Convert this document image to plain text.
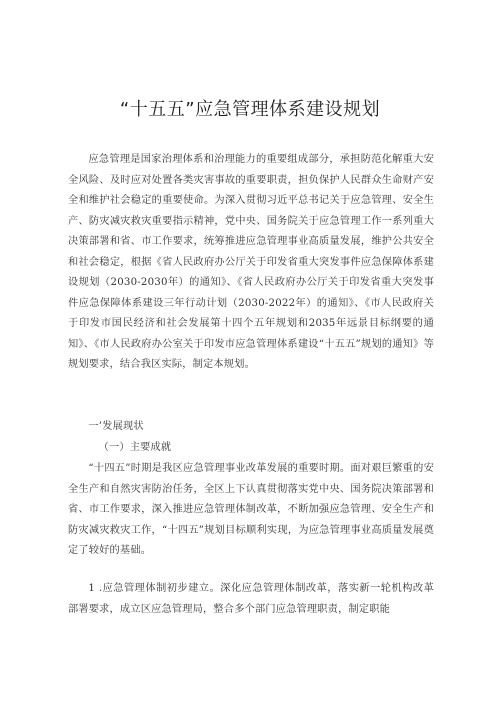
“十五五”应急管理体系建设规划

应急管理是国家治理体系和治理能力的重要组成部分，承担防范化解重大安全风险、及时应对处置各类灾害事故的重要职责，担负保护人民群众生命财产安全和维护社会稳定的重要使命。为深入贯彻习近平总书记关于应急管理、安全生产、防灾减灾救灾重要指示精神，党中央、国务院关于应急管理工作一系列重大决策部署和省、市工作要求，统筹推进应急管理事业高质量发展，维护公共安全和社会稳定，根据《省人民政府办公厅关于印发省重大突发事件应急保障体系建设规划（2030-2030年）的通知》、《省人民政府办公厅关于印发省重大突发事件应急保障体系建设三年行动计划（2030-2022年）的通知》、《市人民政府关于印发市国民经济和社会发展第十四个五年规划和2035年远景目标纲要的通知》、《市人民政府办公室关于印发市应急管理体系建设“十五五”规划的通知》等规划要求，结合我区实际，制定本规划。

一’发展现状

（一）主要成就

“十四五”时期是我区应急管理事业改革发展的重要时期。面对艰巨繁重的安全生产和自然灾害防治任务，全区上下认真贯彻落实党中央、国务院决策部署和省、市工作要求，深入推进应急管理体制改革，不断加强应急管理、安全生产和防灾减灾救灾工作，“十四五”规划目标顺利实现，为应急管理事业高质量发展奠定了较好的基础。

1 .应急管理体制初步建立。深化应急管理体制改革，落实新一轮机构改革部署要求，成立区应急管理局，整合多个部门应急管理职责，制定职能
